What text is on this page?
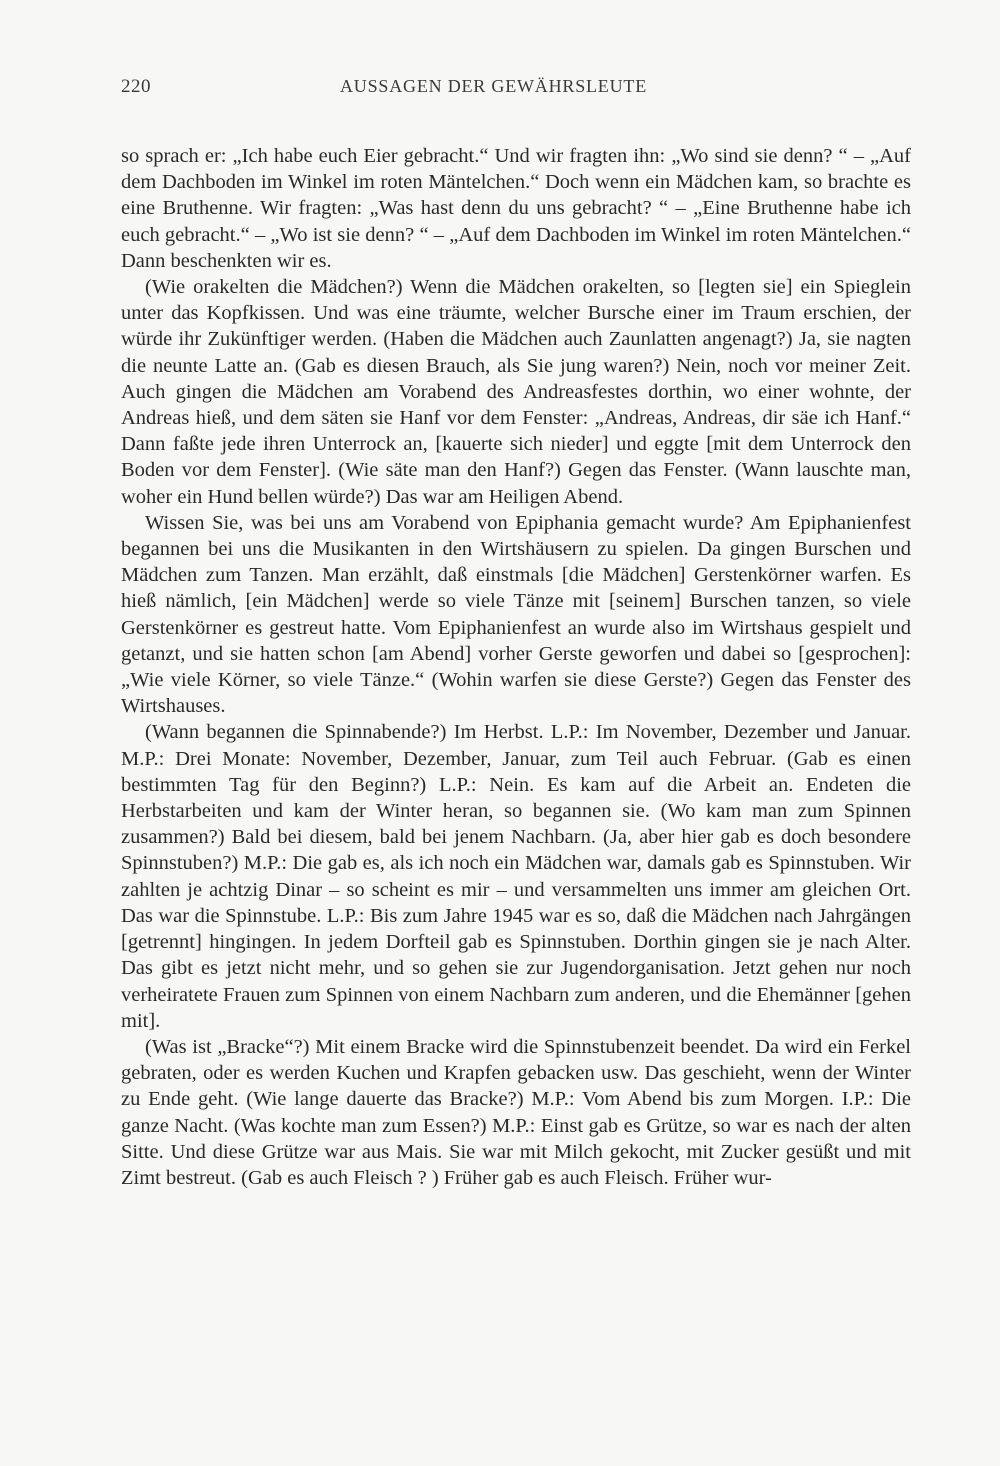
220	AUSSAGEN DER GEWÄHRSLEUTE

so sprach er: „Ich habe euch Eier gebracht.“ Und wir fragten ihn: „Wo sind sie denn? “ – „Auf dem Dachboden im Winkel im roten Mäntelchen.“ Doch wenn ein Mädchen kam, so brachte es eine Bruthenne. Wir fragten: „Was hast denn du uns gebracht? “ – „Eine Bruthenne habe ich euch gebracht.“ – „Wo ist sie denn? “ – „Auf dem Dachboden im Winkel im roten Mäntelchen.“ Dann beschenkten wir es.

(Wie orakelten die Mädchen?) Wenn die Mädchen orakelten, so [legten sie] ein Spieglein unter das Kopfkissen. Und was eine träumte, welcher Bursche einer im Traum erschien, der würde ihr Zukünftiger werden. (Haben die Mädchen auch Zaunlatten angenagt?) Ja, sie nagten die neunte Latte an. (Gab es diesen Brauch, als Sie jung waren?) Nein, noch vor meiner Zeit. Auch gingen die Mädchen am Vorabend des Andreasfestes dorthin, wo einer wohnte, der Andreas hieß, und dem säten sie Hanf vor dem Fenster: „Andreas, Andreas, dir säe ich Hanf.“ Dann faßte jede ihren Unterrock an, [kauerte sich nieder] und eggte [mit dem Unterrock den Boden vor dem Fenster]. (Wie säte man den Hanf?) Gegen das Fenster. (Wann lauschte man, woher ein Hund bellen würde?) Das war am Heiligen Abend.

Wissen Sie, was bei uns am Vorabend von Epiphania gemacht wurde? Am Epiphanienfest begannen bei uns die Musikanten in den Wirtshäusern zu spielen. Da gingen Burschen und Mädchen zum Tanzen. Man erzählt, daß einstmals [die Mädchen] Gerstenkörner warfen. Es hieß nämlich, [ein Mädchen] werde so viele Tänze mit [seinem] Burschen tanzen, so viele Gerstenkörner es gestreut hatte. Vom Epiphanienfest an wurde also im Wirtshaus gespielt und getanzt, und sie hatten schon [am Abend] vorher Gerste geworfen und dabei so [gesprochen]: „Wie viele Körner, so viele Tänze.“ (Wohin warfen sie diese Gerste?) Gegen das Fenster des Wirtshauses.

(Wann begannen die Spinnabende?) Im Herbst. L.P.: Im November, Dezember und Januar. M.P.: Drei Monate: November, Dezember, Januar, zum Teil auch Februar. (Gab es einen bestimmten Tag für den Beginn?) L.P.: Nein. Es kam auf die Arbeit an. Endeten die Herbstarbeiten und kam der Winter heran, so begannen sie. (Wo kam man zum Spinnen zusammen?) Bald bei diesem, bald bei jenem Nachbarn. (Ja, aber hier gab es doch besondere Spinnstuben?) M.P.: Die gab es, als ich noch ein Mädchen war, damals gab es Spinnstuben. Wir zahlten je achtzig Dinar – so scheint es mir – und versammelten uns immer am gleichen Ort. Das war die Spinnstube. L.P.: Bis zum Jahre 1945 war es so, daß die Mädchen nach Jahrgängen [getrennt] hingingen. In jedem Dorfteil gab es Spinnstuben. Dorthin gingen sie je nach Alter. Das gibt es jetzt nicht mehr, und so gehen sie zur Jugendorganisation. Jetzt gehen nur noch verheiratete Frauen zum Spinnen von einem Nachbarn zum anderen, und die Ehemänner [gehen mit].

(Was ist „Bracke“?) Mit einem Bracke wird die Spinnstubenzeit beendet. Da wird ein Ferkel gebraten, oder es werden Kuchen und Krapfen gebacken usw. Das geschieht, wenn der Winter zu Ende geht. (Wie lange dauerte das Bracke?) M.P.: Vom Abend bis zum Morgen. I.P.: Die ganze Nacht. (Was kochte man zum Essen?) M.P.: Einst gab es Grütze, so war es nach der alten Sitte. Und diese Grütze war aus Mais. Sie war mit Milch gekocht, mit Zucker gesüßt und mit Zimt bestreut. (Gab es auch Fleisch ? ) Früher gab es auch Fleisch. Früher wur-
